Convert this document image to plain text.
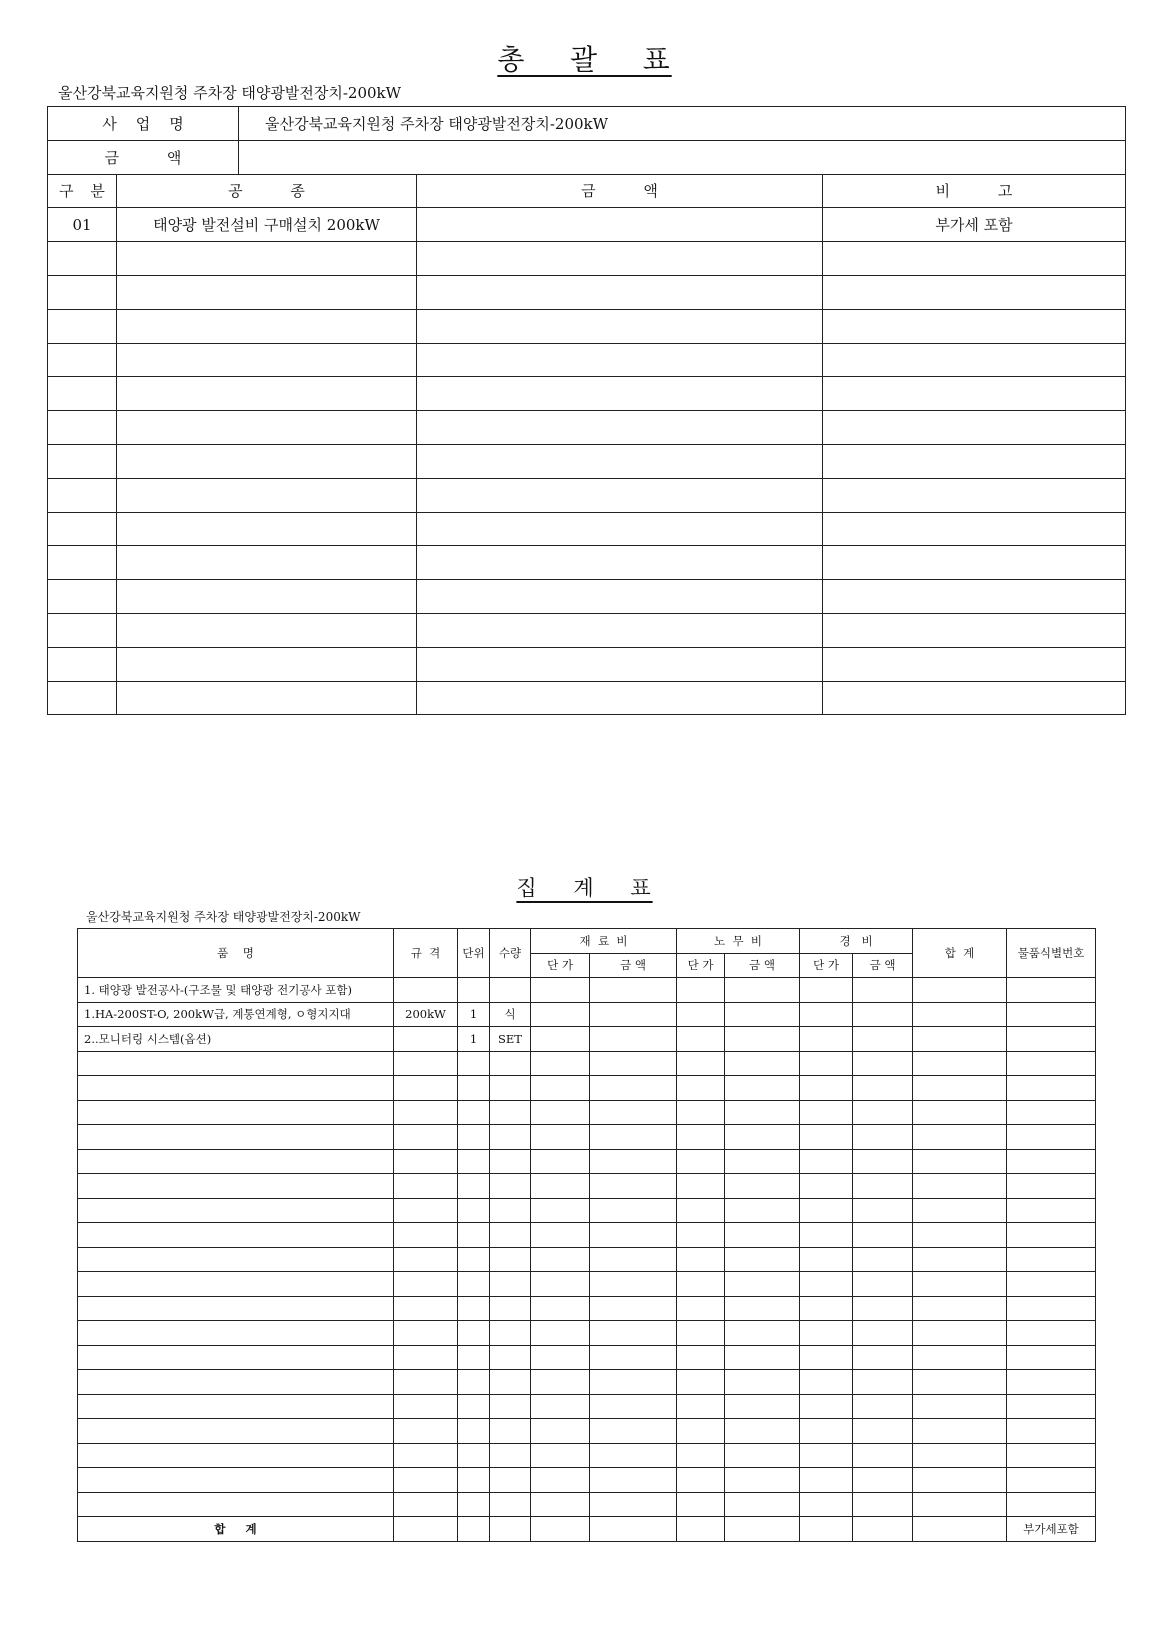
총    괄    표
울산강북교육지원청 주차장 태양광발전장치-200kW
사    업    명		울산강북교육지원청 주차장 태양광발전장치-200kW		
금          액				
구 분	공          종		금          액	비          고
01	태양광 발전설비 구매설치 200kW			부가세 포함

집    계    표
울산강북교육지원청 주차장 태양광발전장치-200kW
품    명	규  격	단위	수량	재  료  비		노  무  비		경   비		합  계	물품식별번호
				단 가	금 액	단 가	금 액	단 가	금 액		
1. 태양광 발전공사-(구조물 및 태양광 전기공사 포함)											
1.HA-200ST-O, 200kW급, 계통연계형, ㅇ형지지대	200kW	1	식								
2..모니터링 시스템(옵션)		1	SET								

합     계											부가세포함
